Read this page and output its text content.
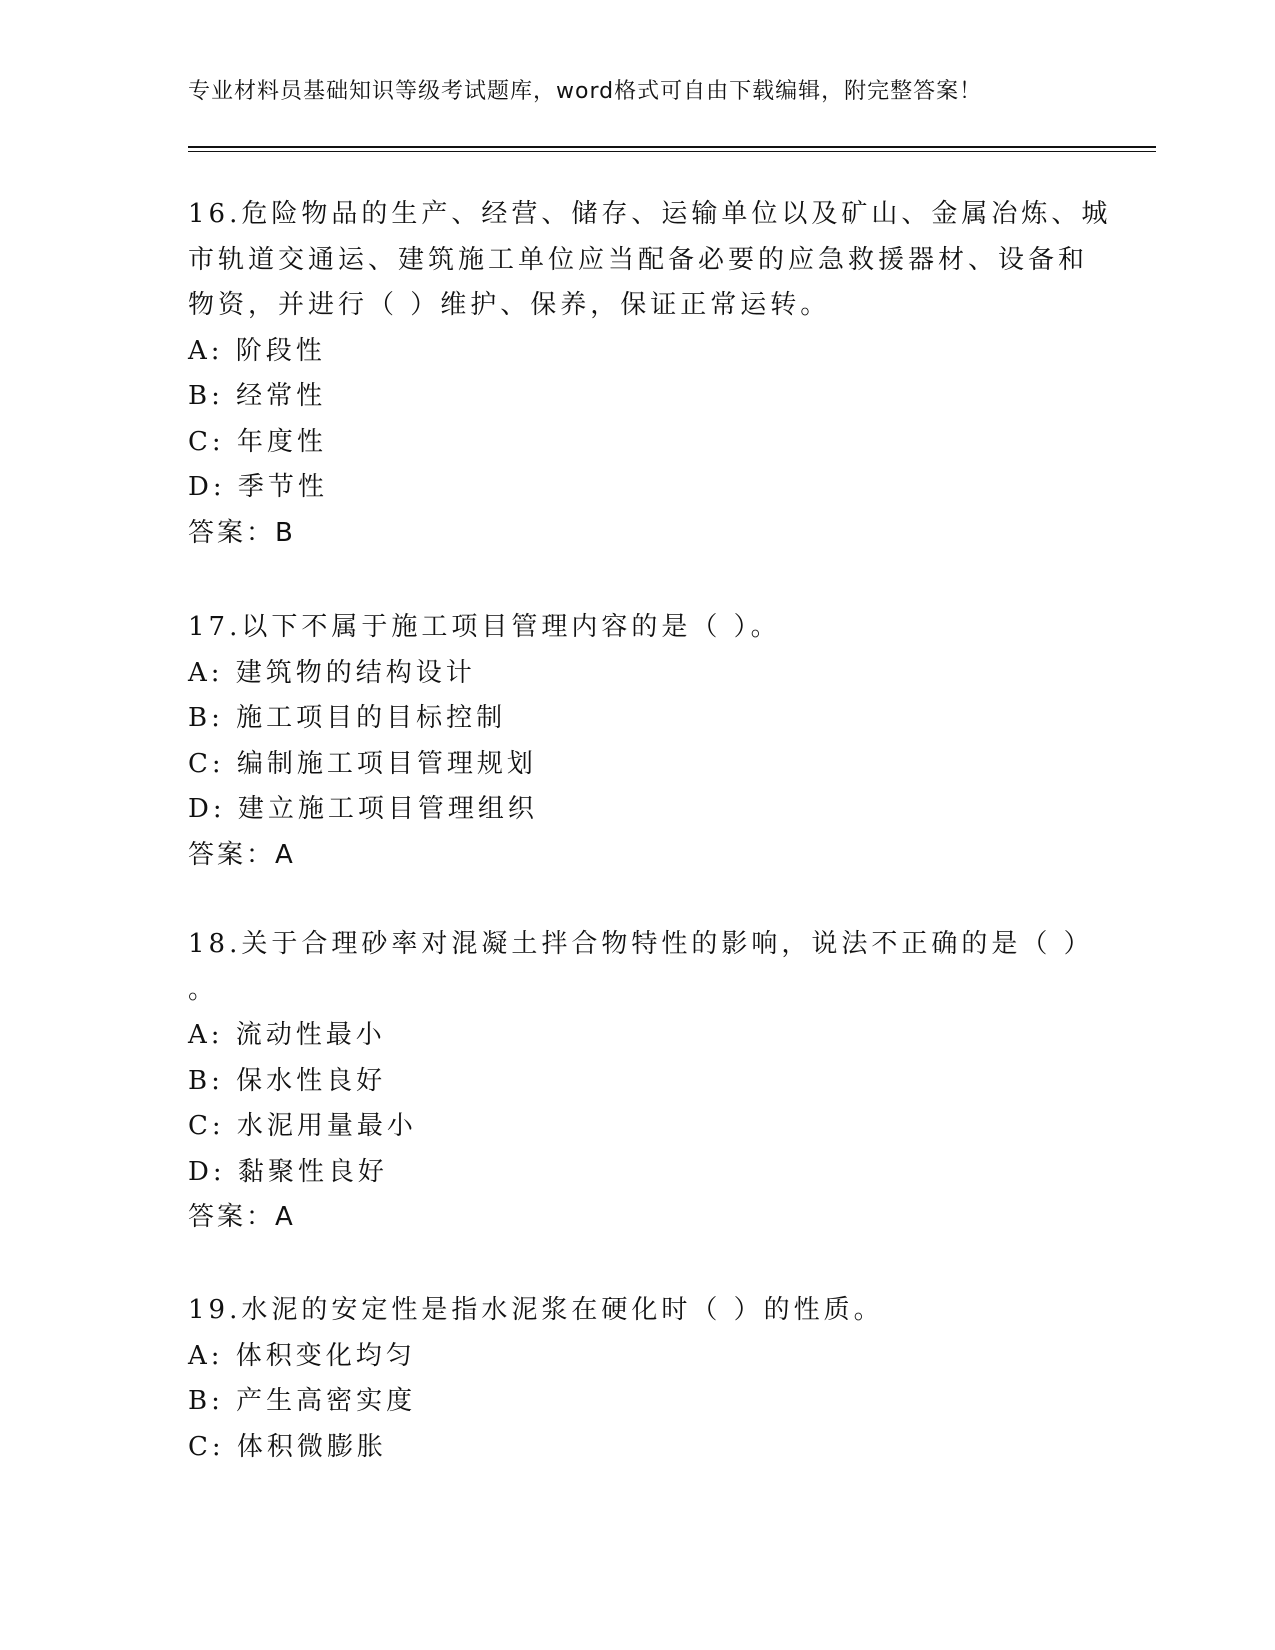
专业材料员基础知识等级考试题库，word格式可自由下载编辑，附完整答案！
16.危险物品的生产、经营、储存、运输单位以及矿山、金属冶炼、城
市轨道交通运、建筑施工单位应当配备必要的应急救援器材、设备和
物资，并进行（ ）维护、保养，保证正常运转。
A: 阶段性
B: 经常性
C: 年度性
D: 季节性
答案：B
17.以下不属于施工项目管理内容的是（ ）。
A: 建筑物的结构设计
B: 施工项目的目标控制
C: 编制施工项目管理规划
D: 建立施工项目管理组织
答案：A
18.关于合理砂率对混凝土拌合物特性的影响，说法不正确的是（ ）
。
A: 流动性最小
B: 保水性良好
C: 水泥用量最小
D: 黏聚性良好
答案：A
19.水泥的安定性是指水泥浆在硬化时（ ）的性质。
A: 体积变化均匀
B: 产生高密实度
C: 体积微膨胀
